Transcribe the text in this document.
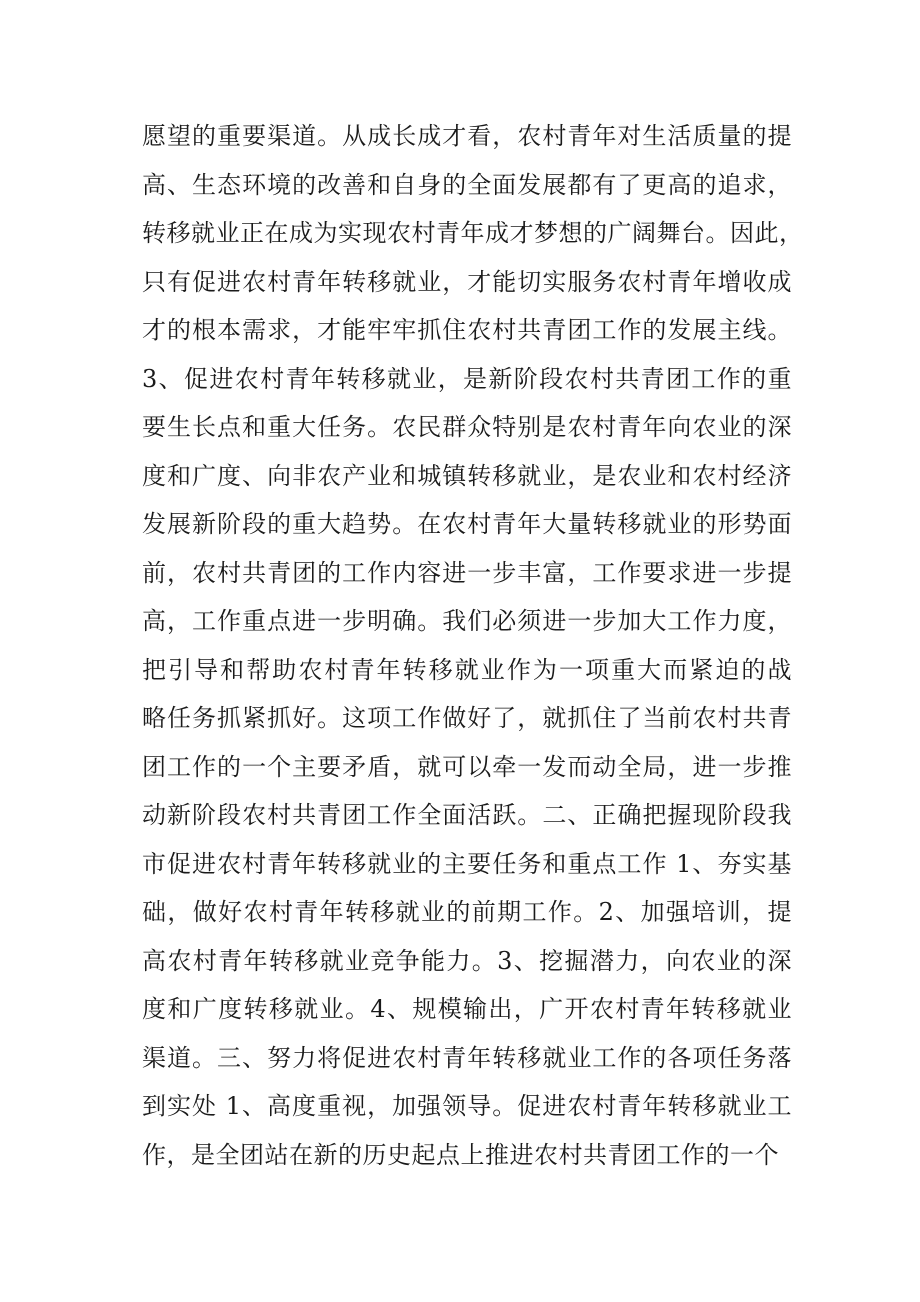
愿望的重要渠道。从成长成才看，农村青年对生活质量的提
高、生态环境的改善和自身的全面发展都有了更高的追求，
转移就业正在成为实现农村青年成才梦想的广阔舞台。因此，
只有促进农村青年转移就业，才能切实服务农村青年增收成
才的根本需求，才能牢牢抓住农村共青团工作的发展主线。
3、促进农村青年转移就业，是新阶段农村共青团工作的重
要生长点和重大任务。农民群众特别是农村青年向农业的深
度和广度、向非农产业和城镇转移就业，是农业和农村经济
发展新阶段的重大趋势。在农村青年大量转移就业的形势面
前，农村共青团的工作内容进一步丰富，工作要求进一步提
高，工作重点进一步明确。我们必须进一步加大工作力度，
把引导和帮助农村青年转移就业作为一项重大而紧迫的战
略任务抓紧抓好。这项工作做好了，就抓住了当前农村共青
团工作的一个主要矛盾，就可以牵一发而动全局，进一步推
动新阶段农村共青团工作全面活跃。二、正确把握现阶段我
市促进农村青年转移就业的主要任务和重点工作 1、夯实基
础，做好农村青年转移就业的前期工作。2、加强培训，提
高农村青年转移就业竞争能力。3、挖掘潜力，向农业的深
度和广度转移就业。4、规模输出，广开农村青年转移就业
渠道。三、努力将促进农村青年转移就业工作的各项任务落
到实处 1、高度重视，加强领导。促进农村青年转移就业工
作，是全团站在新的历史起点上推进农村共青团工作的一个
